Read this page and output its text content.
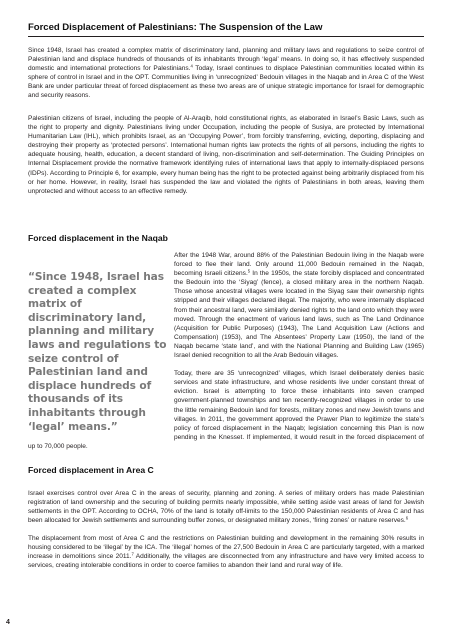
Forced Displacement of Palestinians: The Suspension of the Law

Since 1948, Israel has created a complex matrix of discriminatory land, planning and military laws and regulations to seize control of Palestinian land and displace hundreds of thousands of its inhabitants through ‘legal’ means. In doing so, it has effectively suspended domestic and international protections for Palestinians.$^4$ Today, Israel continues to displace Palestinian communities located within its sphere of control in Israel and in the OPT. Communities living in ‘unrecognized’ Bedouin villages in the Naqab and in Area C of the West Bank are under particular threat of forced displacement as these two areas are of unique strategic importance for Israel for demographic and security reasons.

Palestinian citizens of Israel, including the people of Al-Araqib, hold constitutional rights, as elaborated in Israel’s Basic Laws, such as the right to property and dignity. Palestinians living under Occupation, including the people of Susiya, are protected by International Humanitarian Law (IHL), which prohibits Israel, as an ‘Occupying Power’, from forcibly transferring, evicting, deporting, displacing and destroying their property as ‘protected persons’. International human rights law protects the rights of all persons, including the rights to adequate housing, health, education, a decent standard of living, non-discrimination and self-determination. The Guiding Principles on Internal Displacement provide the normative framework identifying rules of international laws that apply to internally-displaced persons (IDPs). According to Principle 6, for example, every human being has the right to be protected against being arbitrarily displaced from his or her home. However, in reality, Israel has suspended the law and violated the rights of Palestinians in both areas, leaving them unprotected and without access to an effective remedy.

Forced displacement in the Naqab
4
“Since 1948, Israel has created a complex matrix of discriminatory land, planning and military laws and regulations to seize control of Palestinian land and displace hundreds of thousands of its inhabitants through ‘legal’ means.”

After the 1948 War, around 88% of the Palestinian Bedouin living in the Naqab were forced to flee their land. Only around 11,000 Bedouin remained in the Naqab, becoming Israeli citizens.$^5$ In the 1950s, the state forcibly displaced and concentrated the Bedouin into the ‘Siyag’ (fence), a closed military area in the northern Naqab. Those whose ancestral villages were located in the Siyag saw their ownership rights stripped and their villages declared illegal. The majority, who were internally displaced from their ancestral land, were similarly denied rights to the land onto which they were moved. Through the enactment of various land laws, such as The Land Ordinance (Acquisition for Public Purposes) (1943), The Land Acquisition Law (Actions and Compensation) (1953), and The Absentees’ Property Law (1950), the land of the Naqab became ‘state land’, and with the National Planning and Building Law (1965) Israel denied recognition to all the Arab Bedouin villages.

Today, there are 35 ‘unrecognized’ villages, which Israel deliberately denies basic services and state infrastructure, and whose residents live under constant threat of eviction. Israel is attempting to force these inhabitants into seven cramped government-planned townships and ten recently-recognized villages in order to use the little remaining Bedouin land for forests, military zones and new Jewish towns and villages. In 2011, the government approved the Prawer Plan to legitimize the state’s policy of forced displacement in the Naqab; legislation concerning this Plan is now pending in the Knesset. If implemented, it would result in the forced displacement of up to 70,000 people.

Forced displacement in Area C

Israel exercises control over Area C in the areas of security, planning and zoning. A series of military orders has made Palestinian registration of land ownership and the securing of building permits nearly impossible, while setting aside vast areas of land for Jewish settlements in the OPT. According to OCHA, 70% of the land is totally off-limits to the 150,000 Palestinian residents of Area C and has been allocated for Jewish settlements and surrounding buffer zones, or designated military zones, ‘firing zones’ or nature reserves.$^6$

The displacement from most of Area C and the restrictions on Palestinian building and development in the remaining 30% results in housing considered to be ‘illegal’ by the ICA. The ‘illegal’ homes of the 27,500 Bedouin in Area C are particularly targeted, with a marked increase in demolitions since 2011.$^7$ Additionally, the villages are disconnected from any infrastructure and have very limited access to services, creating intolerable conditions in order to coerce families to abandon their land and rural way of life.
